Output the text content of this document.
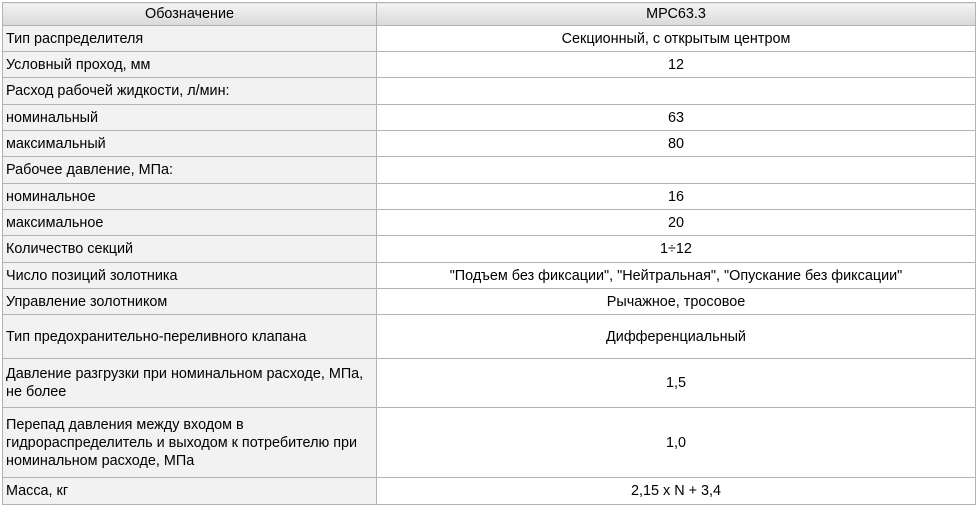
Обозначение	МРС63.3
Тип распределителя	Секционный, с открытым центром
Условный проход, мм	12
Расход рабочей жидкости, л/мин:	
номинальный	63
максимальный	80
Рабочее давление, МПа:	
номинальное	16
максимальное	20
Количество секций	1÷12
Число позиций золотника	"Подъем без фиксации", "Нейтральная", "Опускание без фиксации"
Управление золотником	Рычажное, тросовое
Тип предохранительно-переливного клапана	Дифференциальный
Давление разгрузки при номинальном расходе, МПа, не более	1,5
Перепад давления между входом в гидрораспределитель и выходом к потребителю при номинальном расходе, МПа	1,0
Масса, кг	2,15 х N + 3,4
